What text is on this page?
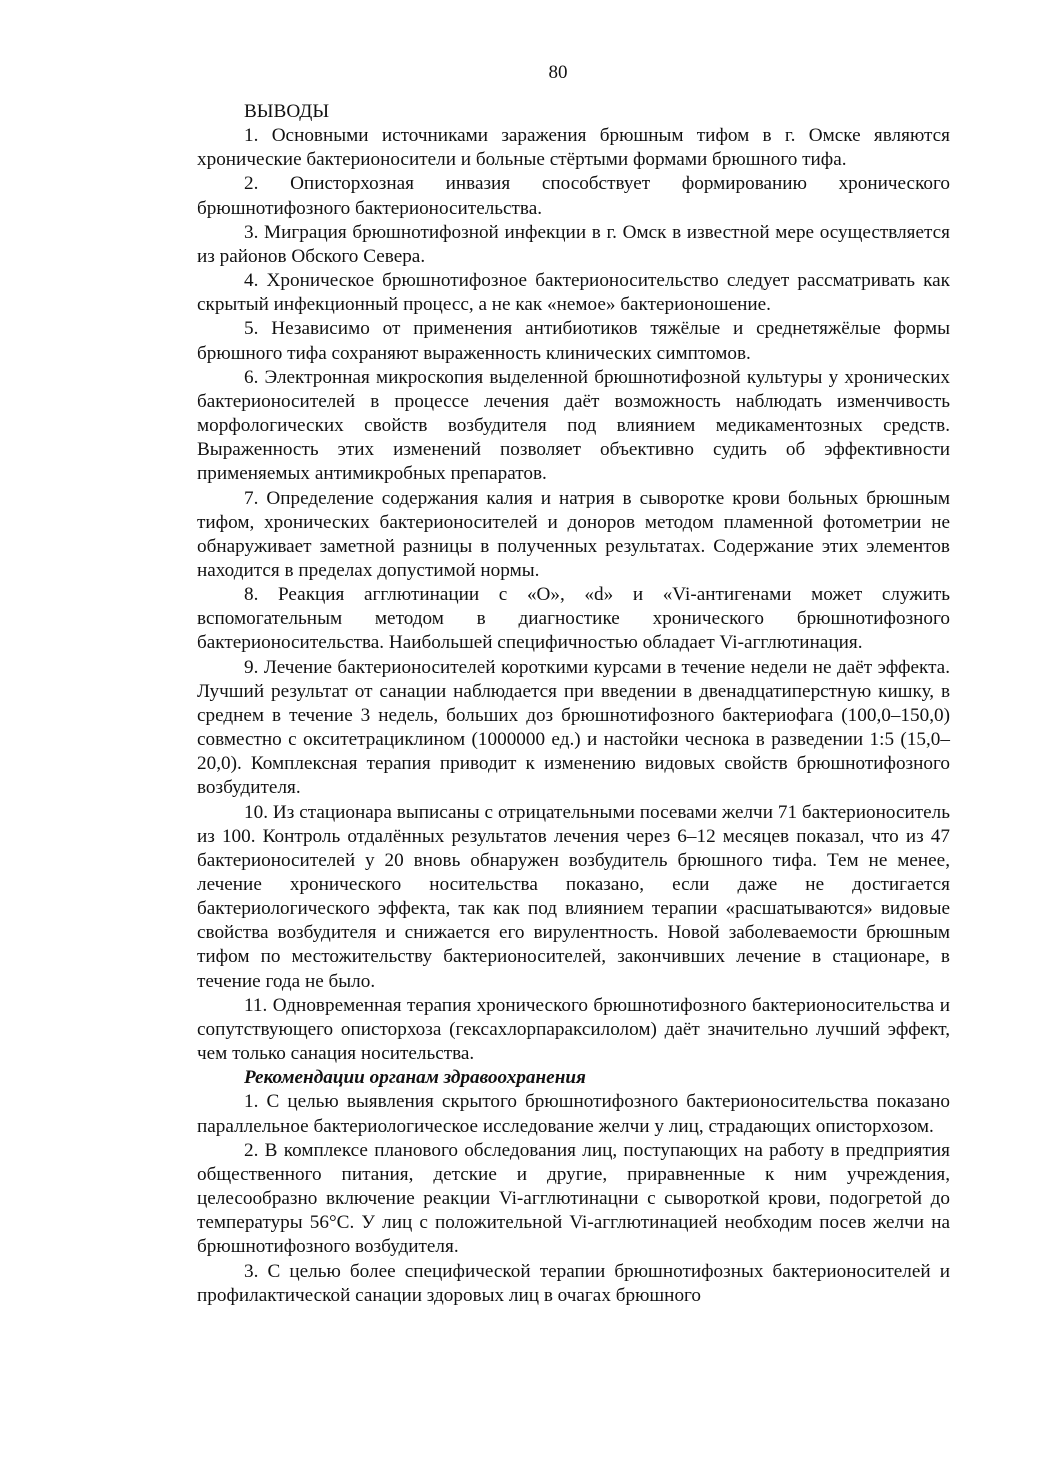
80
ВЫВОДЫ

1. Основными источниками заражения брюшным тифом в г. Омске являются хронические бактерионосители и больные стёртыми формами брюшного тифа.

2. Описторхозная инвазия способствует формированию хронического брюшнотифозного бактерионосительства.

3. Миграция брюшнотифозной инфекции в г. Омск в известной мере осуществляется из районов Обского Севера.

4. Хроническое брюшнотифозное бактерионосительство следует рассматривать как скрытый инфекционный процесс, а не как «немое» бактерионошение.

5. Независимо от применения антибиотиков тяжёлые и среднетяжёлые формы брюшного тифа сохраняют выраженность клинических симптомов.

6. Электронная микроскопия выделенной брюшнотифозной культуры у хронических бактерионосителей в процессе лечения даёт возможность наблюдать изменчивость морфологических свойств возбудителя под влиянием медикаментозных средств. Выраженность этих изменений позволяет объективно судить об эффективности применяемых антимикробных препаратов.

7. Определение содержания калия и натрия в сыворотке крови больных брюшным тифом, хронических бактерионосителей и доноров методом пламенной фотометрии не обнаруживает заметной разницы в полученных результатах. Содержание этих элементов находится в пределах допустимой нормы.

8. Реакция агглютинации с «О», «d» и «Vi-антигенами может служить вспомогательным методом в диагностике хронического брюшнотифозного бактерионосительства. Наибольшей специфичностью обладает Vi-агглютинация.

9. Лечение бактерионосителей короткими курсами в течение недели не даёт эффекта. Лучший результат от санации наблюдается при введении в двенадцатиперстную кишку, в среднем в течение 3 недель, больших доз брюшнотифозного бактериофага (100,0–150,0) совместно с окситетрациклином (1000000 ед.) и настойки чеснока в разведении 1:5 (15,0–20,0). Комплексная терапия приводит к изменению видовых свойств брюшнотифозного возбудителя.

10. Из стационара выписаны с отрицательными посевами желчи 71 бактерионоситель из 100. Контроль отдалённых результатов лечения через 6–12 месяцев показал, что из 47 бактерионосителей у 20 вновь обнаружен возбудитель брюшного тифа. Тем не менее, лечение хронического носительства показано, если даже не достигается бактериологического эффекта, так как под влиянием терапии «расшатываются» видовые свойства возбудителя и снижается его вирулентность. Новой заболеваемости брюшным тифом по местожительству бактерионосителей, закончивших лечение в стационаре, в течение года не было.

11. Одновременная терапия хронического брюшнотифозного бактерионосительства и сопутствующего описторхоза (гексахлорпараксилолом) даёт значительно лучший эффект, чем только санация носительства.

Рекомендации органам здравоохранения

1. С целью выявления скрытого брюшнотифозного бактерионосительства показано параллельное бактериологическое исследование желчи у лиц, страдающих описторхозом.

2. В комплексе планового обследования лиц, поступающих на работу в предприятия общественного питания, детские и другие, приравненные к ним учреждения, целесообразно включение реакции Vi-агглютинацни с сывороткой крови, подогретой до температуры 56°С. У лиц с положительной Vi-агглютинацией необходим посев желчи на брюшнотифозного возбудителя.

3. С целью более специфической терапии брюшнотифозных бактерионосителей и профилактической санации здоровых лиц в очагах брюшного
